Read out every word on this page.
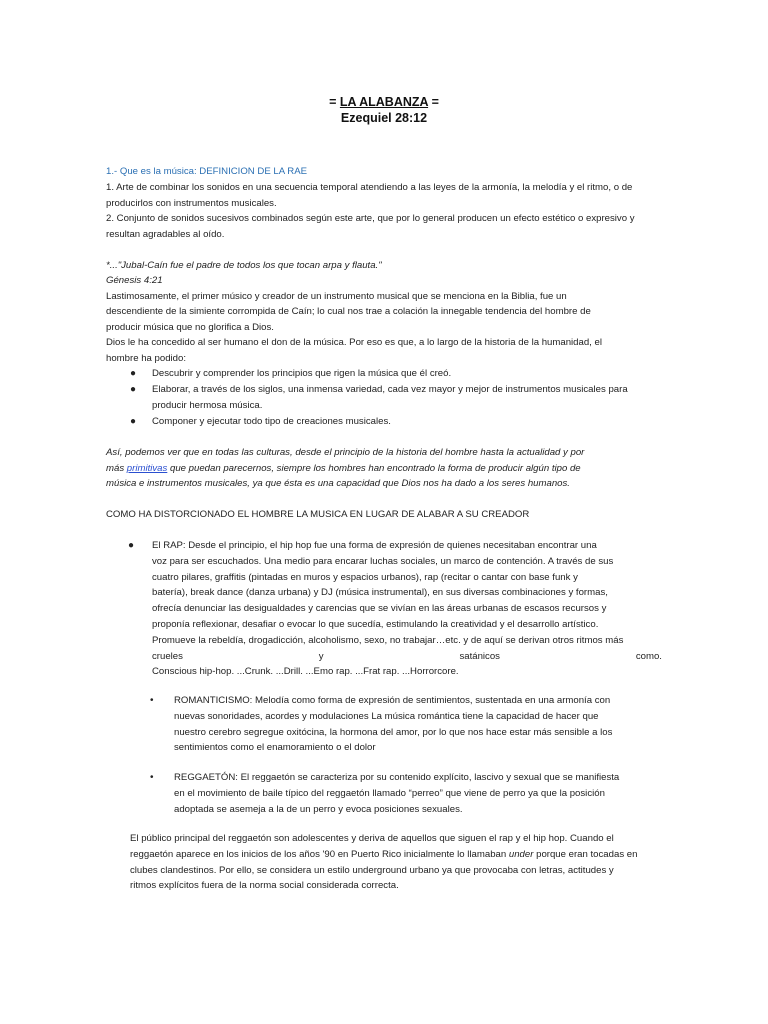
= LA ALABANZA =
Ezequiel 28:12
1.- Que es la música: DEFINICION DE LA RAE
1. Arte de combinar los sonidos en una secuencia temporal atendiendo a las leyes de la armonía, la melodía y el ritmo, o de
producirlos con instrumentos musicales.
2. Conjunto de sonidos sucesivos combinados según este arte, que por lo general producen un efecto estético o expresivo y
resultan agradables al oído.
*..."Jubal-Caín fue el padre de todos los que tocan arpa y flauta."
Génesis 4:21
Lastimosamente, el primer músico y creador de un instrumento musical que se menciona en la Biblia, fue un
descendiente de la simiente corrompida de Caín; lo cual nos trae a colación la innegable tendencia del hombre de
producir música que no glorifica a Dios.
Dios le ha concedido al ser humano el don de la música. Por eso es que, a lo largo de la historia de la humanidad, el
hombre ha podido:
● Descubrir y comprender los principios que rigen la música que él creó.
● Elaborar, a través de los siglos, una inmensa variedad, cada vez mayor y mejor de instrumentos musicales para
producir hermosa música.
● Componer y ejecutar todo tipo de creaciones musicales.
Así, podemos ver que en todas las culturas, desde el principio de la historia del hombre hasta la actualidad y por
más primitivas que puedan parecernos, siempre los hombres han encontrado la forma de producir algún tipo de
música e instrumentos musicales, ya que ésta es una capacidad que Dios nos ha dado a los seres humanos.
COMO HA DISTORCIONADO EL HOMBRE LA MUSICA EN LUGAR DE ALABAR A SU CREADOR
● El RAP: Desde el principio, el hip hop fue una forma de expresión de quienes necesitaban encontrar una
voz para ser escuchados. Una medio para encarar luchas sociales, un marco de contención. A través de sus
cuatro pilares, graffitis (pintadas en muros y espacios urbanos), rap (recitar o cantar con base funk y
batería), break dance (danza urbana) y DJ (música instrumental), en sus diversas combinaciones y formas,
ofrecía denunciar las desigualdades y carencias que se vivían en las áreas urbanas de escasos recursos y
proponía reflexionar, desafiar o evocar lo que sucedía, estimulando la creatividad y el desarrollo artístico.
Promueve la rebeldía, drogadicción, alcoholismo, sexo, no trabajar…etc. y de aquí se derivan otros ritmos más
crueles	y	satánicos	como.
Conscious hip-hop. ...Crunk. ...Drill. ...Emo rap. ...Frat rap. ...Horrorcore.
• ROMANTICISMO: Melodía como forma de expresión de sentimientos, sustentada en una armonía con
nuevas sonoridades, acordes y modulaciones La música romántica tiene la capacidad de hacer que
nuestro cerebro segregue oxitócina, la hormona del amor, por lo que nos hace estar más sensible a los
sentimientos como el enamoramiento o el dolor
• REGGAETÓN: El reggaetón se caracteriza por su contenido explícito, lascivo y sexual que se manifiesta
en el movimiento de baile típico del reggaetón llamado “perreo” que viene de perro ya que la posición
adoptada se asemeja a la de un perro y evoca posiciones sexuales.
El público principal del reggaetón son adolescentes y deriva de aquellos que siguen el rap y el hip hop. Cuando el
reggaetón aparece en los inicios de los años '90 en Puerto Rico inicialmente lo llamaban under porque eran tocadas en
clubes clandestinos. Por ello, se considera un estilo underground urbano ya que provocaba con letras, actitudes y
ritmos explícitos fuera de la norma social considerada correcta.
